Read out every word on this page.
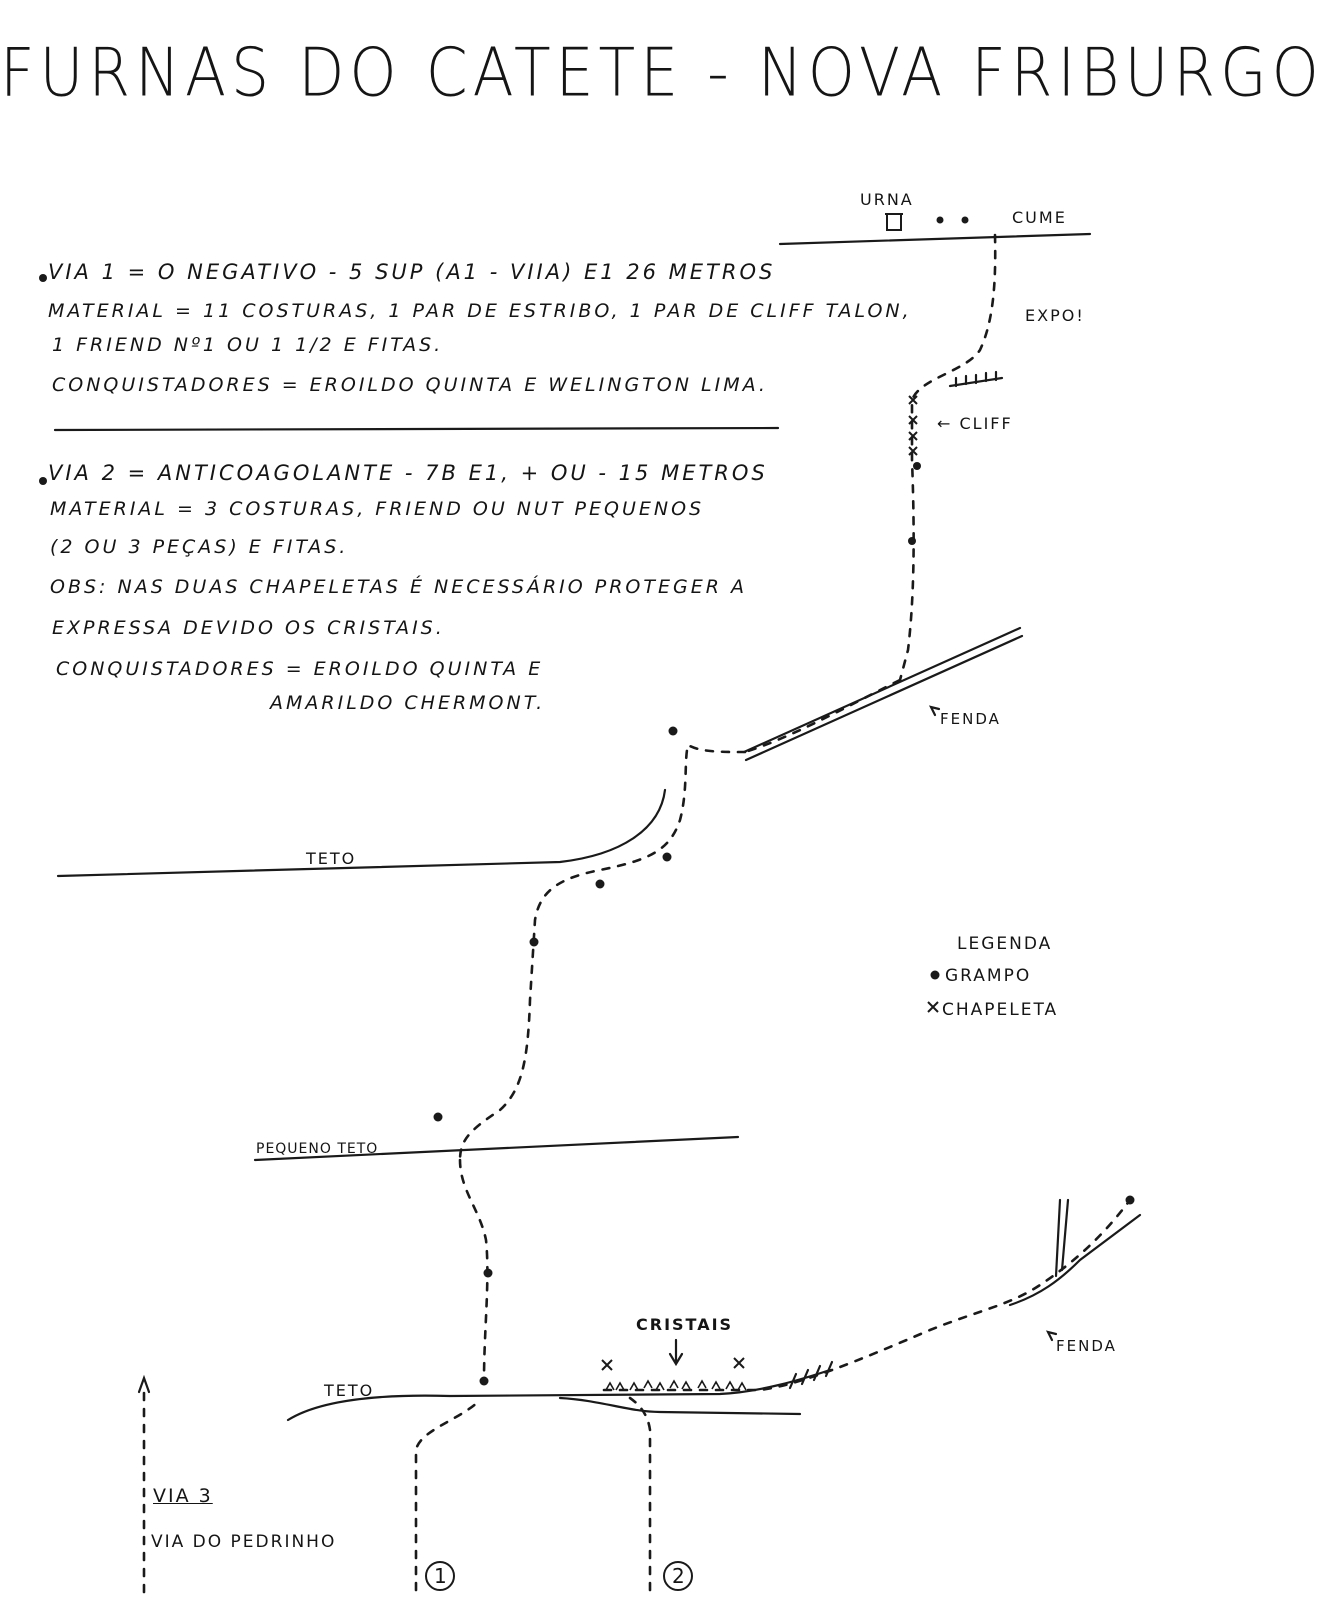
FURNAS DO CATETE - NOVA FRIBURGO
VIA 1 = O NEGATIVO - 5 SUP (A1 - VIIA) E1 26 METROS
MATERIAL = 11 COSTURAS, 1 PAR DE ESTRIBO, 1 PAR DE CLIFF TALON,
1 FRIEND Nº1 OU 1 1/2 E FITAS.
CONQUISTADORES = EROILDO QUINTA E WELINGTON LIMA.
VIA 2 = ANTICOAGOLANTE - 7B E1, + OU - 15 METROS
MATERIAL = 3 COSTURAS, FRIEND OU NUT PEQUENOS
(2 OU 3 PEÇAS) E FITAS.
OBS: NAS DUAS CHAPELETAS É NECESSÁRIO PROTEGER A
EXPRESSA DEVIDO OS CRISTAIS.
CONQUISTADORES = EROILDO QUINTA E
AMARILDO CHERMONT.
URNA
CUME
EXPO!
← CLIFF
FENDA
TETO
PEQUENO TETO
TETO
CRISTAIS
FENDA
1	2
LEGENDA
GRAMPO
CHAPELETA
VIA 3
VIA DO PEDRINHO
